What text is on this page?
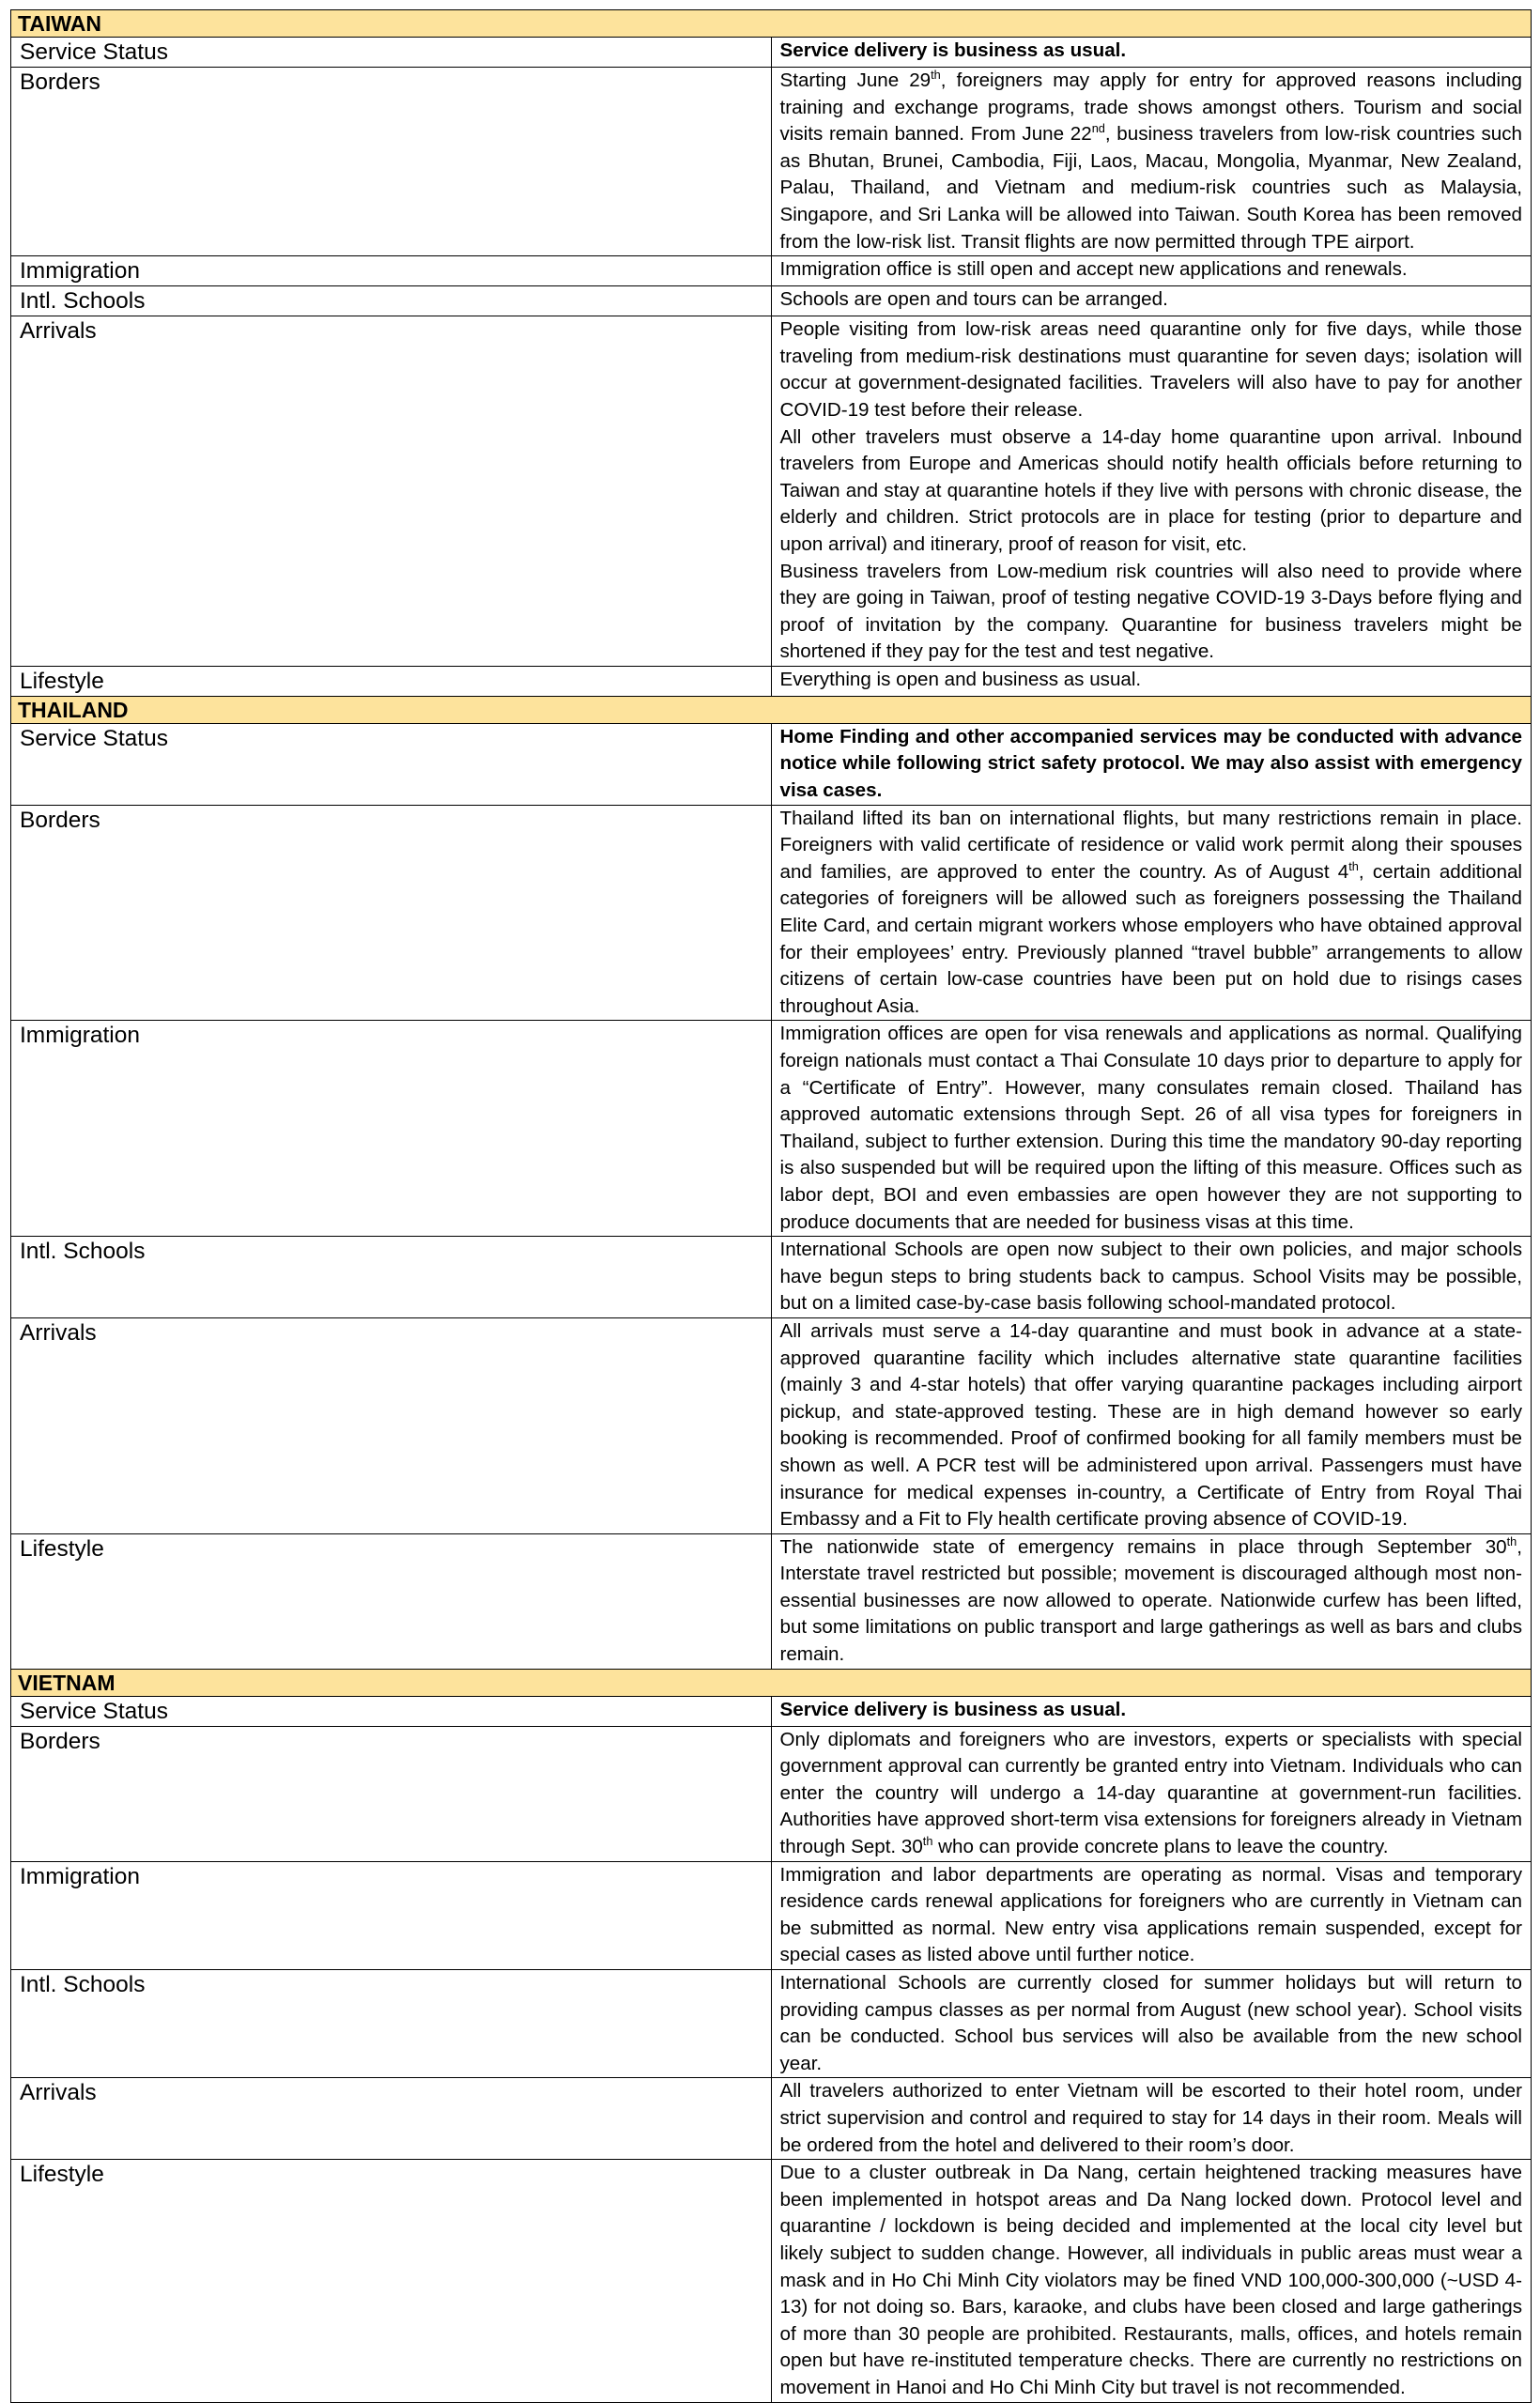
TAIWAN	
Service Status	Service delivery is business as usual.

Borders	Starting June 29th, foreigners may apply for entry for approved reasons including training and exchange programs, trade shows amongst others. Tourism and social visits remain banned. From June 22nd, business travelers from low-risk countries such as Bhutan, Brunei, Cambodia, Fiji, Laos, Macau, Mongolia, Myanmar, New Zealand, Palau, Thailand, and Vietnam and medium-risk countries such as Malaysia, Singapore, and Sri Lanka will be allowed into Taiwan. South Korea has been removed from the low-risk list. Transit flights are now permitted through TPE airport.

Immigration	Immigration office is still open and accept new applications and renewals.

Intl. Schools	Schools are open and tours can be arranged.

Arrivals	People visiting from low-risk areas need quarantine only for five days, while those traveling from medium-risk destinations must quarantine for seven days; isolation will occur at government-designated facilities. Travelers will also have to pay for another COVID-19 test before their release.
All other travelers must observe a 14-day home quarantine upon arrival. Inbound travelers from Europe and Americas should notify health officials before returning to Taiwan and stay at quarantine hotels if they live with persons with chronic disease, the elderly and children. Strict protocols are in place for testing (prior to departure and upon arrival) and itinerary, proof of reason for visit, etc.
Business travelers from Low-medium risk countries will also need to provide where they are going in Taiwan, proof of testing negative COVID-19 3-Days before flying and proof of invitation by the company. Quarantine for business travelers might be shortened if they pay for the test and test negative.

Lifestyle	Everything is open and business as usual.

THAILAND	
Service Status	Home Finding and other accompanied services may be conducted with advance notice while following strict safety protocol. We may also assist with emergency visa cases.

Borders	Thailand lifted its ban on international flights, but many restrictions remain in place. Foreigners with valid certificate of residence or valid work permit along their spouses and families, are approved to enter the country. As of August 4th, certain additional categories of foreigners will be allowed such as foreigners possessing the Thailand Elite Card, and certain migrant workers whose employers who have obtained approval for their employees’ entry. Previously planned “travel bubble” arrangements to allow citizens of certain low-case countries have been put on hold due to risings cases throughout Asia.

Immigration	Immigration offices are open for visa renewals and applications as normal. Qualifying foreign nationals must contact a Thai Consulate 10 days prior to departure to apply for a “Certificate of Entry”. However, many consulates remain closed. Thailand has approved automatic extensions through Sept. 26 of all visa types for foreigners in Thailand, subject to further extension. During this time the mandatory 90-day reporting is also suspended but will be required upon the lifting of this measure. Offices such as labor dept, BOI and even embassies are open however they are not supporting to produce documents that are needed for business visas at this time.

Intl. Schools	International Schools are open now subject to their own policies, and major schools have begun steps to bring students back to campus. School Visits may be possible, but on a limited case-by-case basis following school-mandated protocol.

Arrivals	All arrivals must serve a 14-day quarantine and must book in advance at a state-approved quarantine facility which includes alternative state quarantine facilities (mainly 3 and 4-star hotels) that offer varying quarantine packages including airport pickup, and state-approved testing. These are in high demand however so early booking is recommended. Proof of confirmed booking for all family members must be shown as well. A PCR test will be administered upon arrival. Passengers must have insurance for medical expenses in-country, a Certificate of Entry from Royal Thai Embassy and a Fit to Fly health certificate proving absence of COVID-19.

Lifestyle	The nationwide state of emergency remains in place through September 30th, Interstate travel restricted but possible; movement is discouraged although most non-essential businesses are now allowed to operate. Nationwide curfew has been lifted, but some limitations on public transport and large gatherings as well as bars and clubs remain.

VIETNAM	
Service Status	Service delivery is business as usual.

Borders	Only diplomats and foreigners who are investors, experts or specialists with special government approval can currently be granted entry into Vietnam. Individuals who can enter the country will undergo a 14-day quarantine at government-run facilities. Authorities have approved short-term visa extensions for foreigners already in Vietnam through Sept. 30th who can provide concrete plans to leave the country.

Immigration	Immigration and labor departments are operating as normal. Visas and temporary residence cards renewal applications for foreigners who are currently in Vietnam can be submitted as normal. New entry visa applications remain suspended, except for special cases as listed above until further notice.

Intl. Schools	International Schools are currently closed for summer holidays but will return to providing campus classes as per normal from August (new school year). School visits can be conducted. School bus services will also be available from the new school year.

Arrivals	All travelers authorized to enter Vietnam will be escorted to their hotel room, under strict supervision and control and required to stay for 14 days in their room. Meals will be ordered from the hotel and delivered to their room’s door.

Lifestyle	Due to a cluster outbreak in Da Nang, certain heightened tracking measures have been implemented in hotspot areas and Da Nang locked down. Protocol level and quarantine / lockdown is being decided and implemented at the local city level but likely subject to sudden change. However, all individuals in public areas must wear a mask and in Ho Chi Minh City violators may be fined VND 100,000-300,000 (~USD 4-13) for not doing so. Bars, karaoke, and clubs have been closed and large gatherings of more than 30 people are prohibited. Restaurants, malls, offices, and hotels remain open but have re-instituted temperature checks. There are currently no restrictions on movement in Hanoi and Ho Chi Minh City but travel is not recommended.
